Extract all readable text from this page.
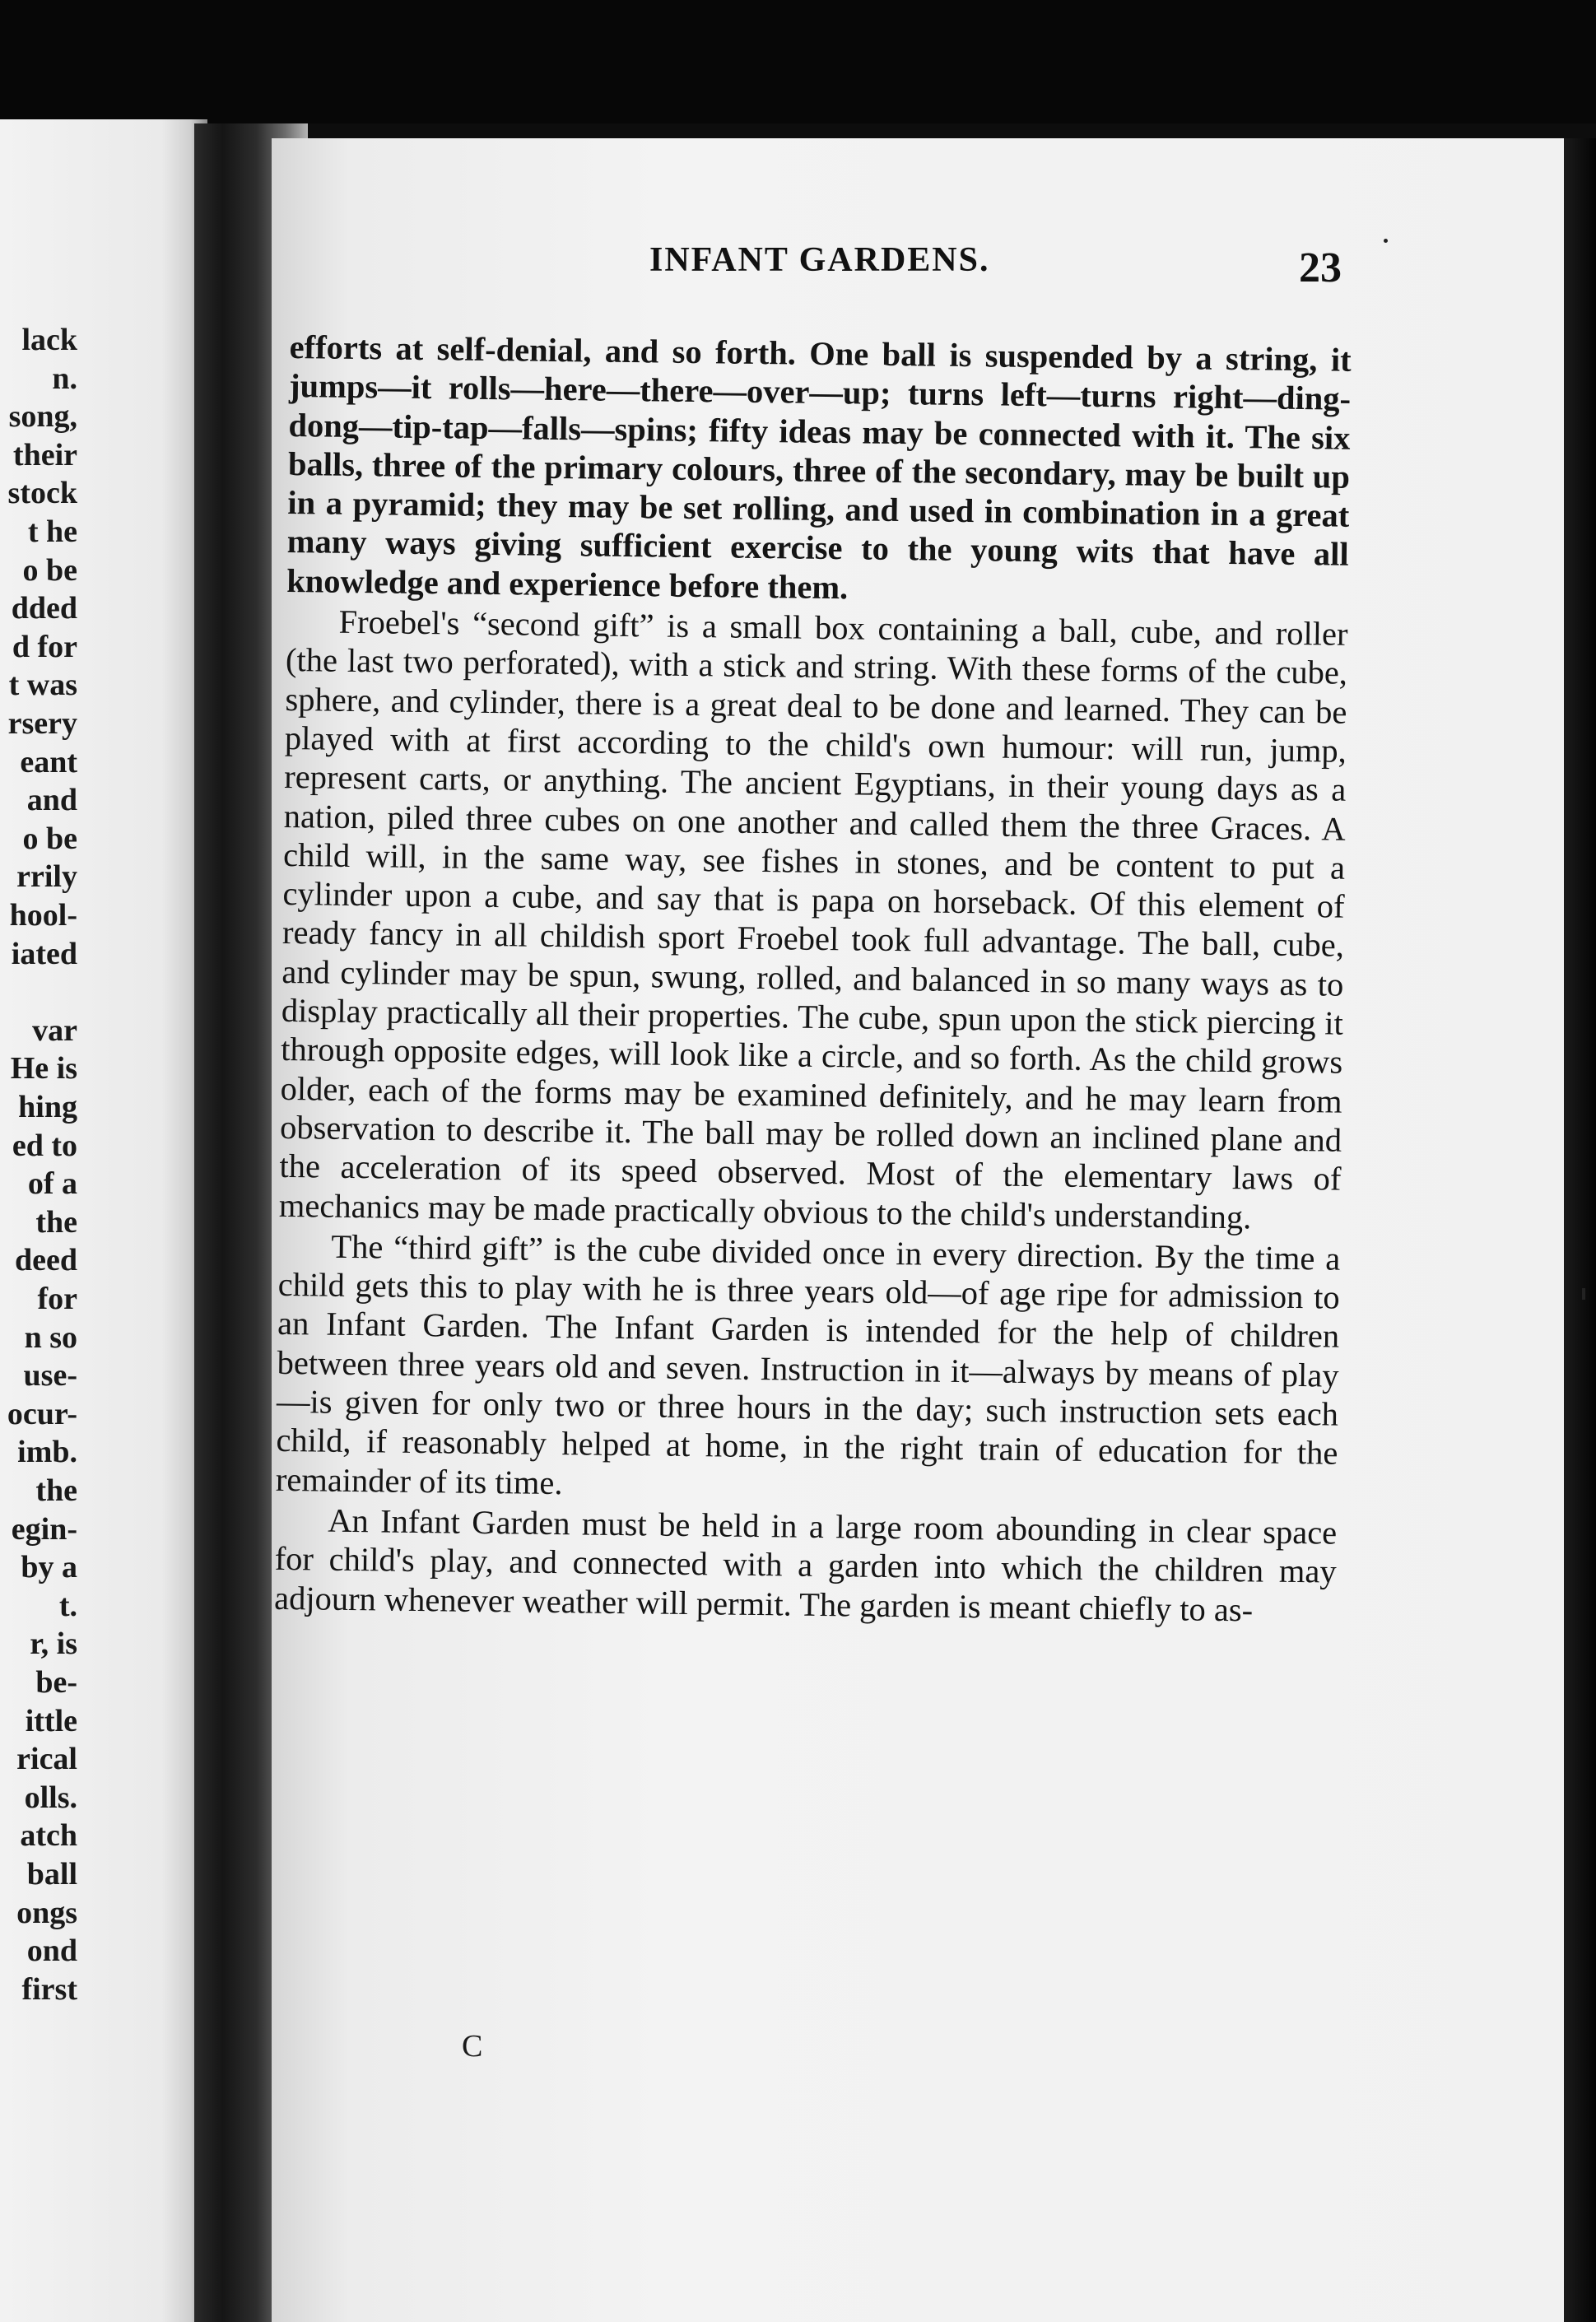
lack
n.
song,
their
stock
t he
o be
dded
d for
t was
rsery
eant
and
o be
rrily
hool-
iated
var
He is
hing
ed to
of a
the
deed
for
n so
use-
ocur-
imb.
the
egin-
by a
t.
r, is
be-
ittle
rical
olls.
atch
ball
ongs
ond
first
INFANT GARDENS.	23

efforts at self-denial, and so forth. One ball is suspended by a string, it jumps—it rolls—here—there—over—up; turns left—turns right—ding-dong—tip-tap—falls—spins; fifty ideas may be connected with it. The six balls, three of the primary colours, three of the secondary, may be built up in a pyramid; they may be set rolling, and used in combination in a great many ways giving sufficient exercise to the young wits that have all knowledge and experience before them.

Froebel's “second gift” is a small box containing a ball, cube, and roller (the last two perforated), with a stick and string. With these forms of the cube, sphere, and cylinder, there is a great deal to be done and learned. They can be played with at first according to the child's own humour: will run, jump, represent carts, or anything. The ancient Egyptians, in their young days as a nation, piled three cubes on one another and called them the three Graces. A child will, in the same way, see fishes in stones, and be content to put a cylinder upon a cube, and say that is papa on horseback. Of this element of ready fancy in all childish sport Froebel took full advantage. The ball, cube, and cylinder may be spun, swung, rolled, and balanced in so many ways as to display practically all their properties. The cube, spun upon the stick piercing it through opposite edges, will look like a circle, and so forth. As the child grows older, each of the forms may be examined definitely, and he may learn from observation to describe it. The ball may be rolled down an inclined plane and the acceleration of its speed observed. Most of the elementary laws of mechanics may be made practically obvious to the child's understanding.

The “third gift” is the cube divided once in every direction. By the time a child gets this to play with he is three years old—of age ripe for admission to an Infant Garden. The Infant Garden is intended for the help of children between three years old and seven. Instruction in it—always by means of play—is given for only two or three hours in the day; such instruction sets each child, if reasonably helped at home, in the right train of education for the remainder of its time.

An Infant Garden must be held in a large room abounding in clear space for child's play, and connected with a garden into which the children may adjourn whenever weather will permit. The garden is meant chiefly to as-

C
